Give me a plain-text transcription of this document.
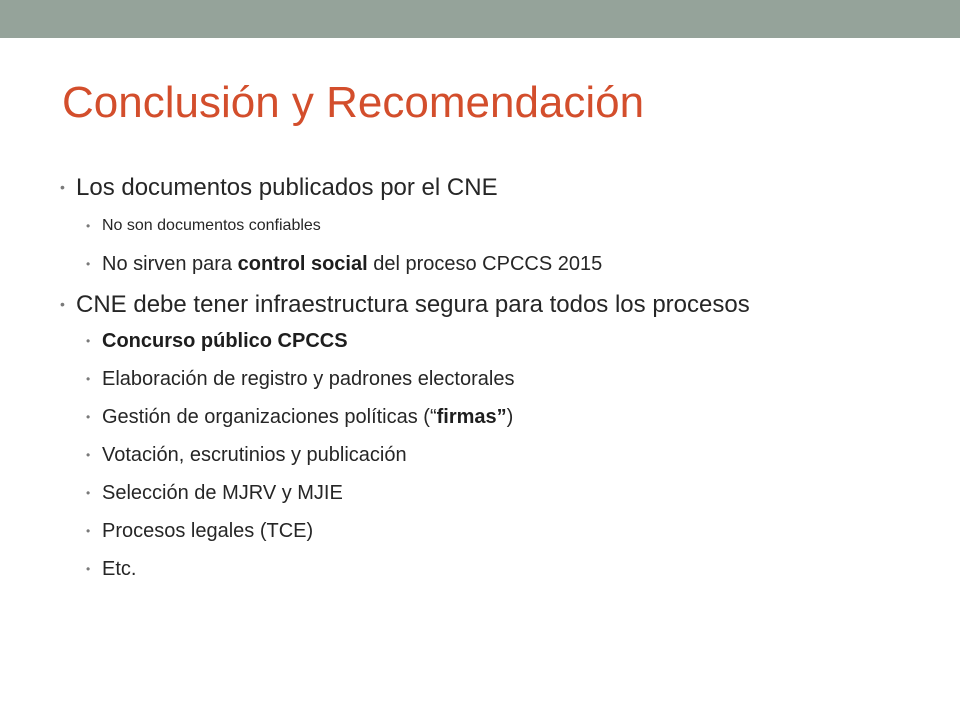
Conclusión y Recomendación
• Los documentos publicados por el CNE
• No son documentos confiables
• No sirven para control social del proceso CPCCS 2015
• CNE debe tener infraestructura segura para todos los procesos
• Concurso público CPCCS
• Elaboración de registro y padrones electorales
• Gestión de organizaciones políticas (“firmas”)
• Votación, escrutinios y publicación
• Selección de MJRV y MJIE
• Procesos legales (TCE)
• Etc.
